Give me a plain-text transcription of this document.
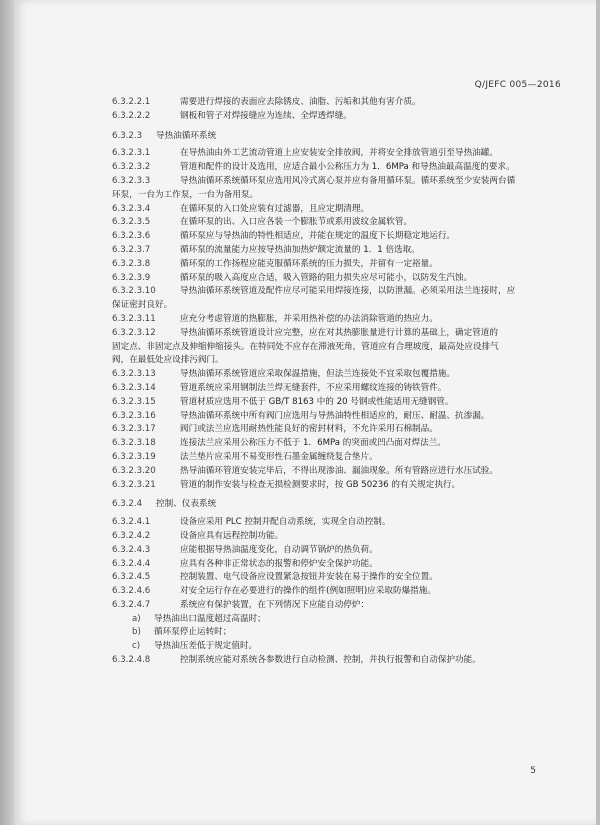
Q/JEFC 005—2016
6.3.2.2.1	需要进行焊接的表面应去除锈皮、油脂、污垢和其他有害介质。
6.3.2.2.2	钢板和管子对焊接缝应为连续、全焊透焊缝。
6.3.2.3 导热油循环系统
6.3.2.3.1	在导热油由外工艺流动管道上应安装安全排放阀，并将安全排放管道引至导热油罐。
6.3.2.3.2	管道和配件的设计及选用，应适合最小公称压力为 1．6MPa 和导热油最高温度的要求。
6.3.2.3.3	导热油循环系统循环泵应选用风冷式离心泵并应有备用循环泵。循环系统至少安装两台循
环泵，一台为工作泵，一台为备用泵。
6.3.2.3.4	在循环泵的入口处应装有过滤器，且应定期清理。
6.3.2.3.5	在循环泵的出、入口应各装一个膨胀节或系用波纹金属软管。
6.3.2.3.6	循环泵应与导热油的特性相适应，并能在规定的温度下长期稳定地运行。
6.3.2.3.7	循环泵的流量能力应按导热油加热炉额定流量的 1．1 倍选取。
6.3.2.3.8	循环泵的工作扬程应能克服循环系统的压力损失，并留有一定裕量。
6.3.2.3.9	循环泵的吸入高度应合适，吸入管路的阻力损失应尽可能小，以防发生汽蚀。
6.3.2.3.10	导热油循环系统管道及配件应尽可能采用焊接连接，以防泄漏。必须采用法兰连接时，应
保证密封良好。
6.3.2.3.11	应充分考虑管道的热膨胀，并采用热补偿的办法消除管道的热应力。
6.3.2.3.12	导热油循环系统管道设计应完整，应在对其热膨胀量进行计算的基础上，确定管道的
固定点、非固定点及伸缩伸缩接头。在特同处不应存在滞液死角，管道应有合理坡度，最高处应设排气
阀，在最低处应设排污阀门。
6.3.2.3.13	导热油循环系统管道应采取保温措施，但法兰连接处不宜采取包覆措施。
6.3.2.3.14	管道系统应采用钢制法兰焊无缝套件，不应采用螺纹连接的铸铁管件。
6.3.2.3.15	管道材质应选用不低于 GB/T 8163 中的 20 号钢或性能适用无缝钢管。
6.3.2.3.16	导热油循环系统中所有阀门应选用与导热油特性相适应的，耐压、耐温、抗渗漏。
6.3.2.3.17	阀门或法兰应选用耐热性能良好的密封材料，不允许采用石棉制品。
6.3.2.3.18	连接法兰应采用公称压力不低于 1．6MPa 的突面或凹凸面对焊法兰。
6.3.2.3.19	法兰垫片应采用不易变形性石墨金属缠绕复合垫片。
6.3.2.3.20	热导油循环管道安装完毕后，不得出现渗油、漏油现象。所有管路应进行水压试验。
6.3.2.3.21	管道的制作安装与检查无损检测要求时，按 GB 50236 的有关规定执行。
6.3.2.4 控制、仪表系统
6.3.2.4.1	设备应采用 PLC 控制并配自动系统，实现全自动控制。
6.3.2.4.2	设备应具有远程控制功能。
6.3.2.4.3	应能根据导热油温度变化，自动调节锅炉的热负荷。
6.3.2.4.4	应具有各种非正常状态的报警和停炉安全保护功能。
6.3.2.4.5	控制装置、电气设备应设置紧急按钮并安装在易于操作的安全位置。
6.3.2.4.6	对安全运行存在必要进行的操作的组件(例如照明)应采取防爆措施。
6.3.2.4.7	系统应有保护装置，在下列情况下应能自动停炉：
a) 导热油出口温度超过高温时；
b) 循环泵停止运转时；
c) 导热油压差低于规定值时。
6.3.2.4.8	控制系统应能对系统各参数进行自动检测、控制，并执行报警和自动保护功能。
5
